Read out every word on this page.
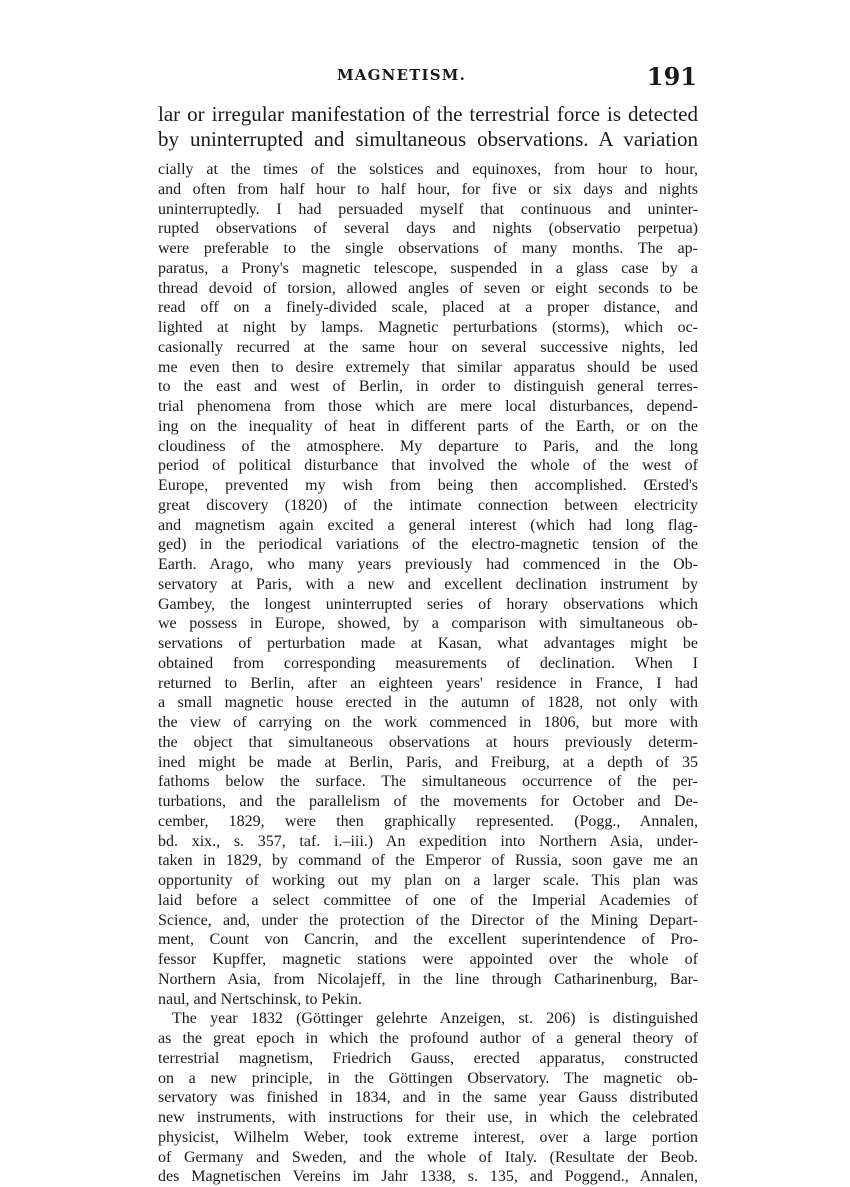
MAGNETISM.	191
lar or irregular manifestation of the terrestrial force is detected
by uninterrupted and simultaneous observations. A variation
cially at the times of the solstices and equinoxes, from hour to hour,
and often from half hour to half hour, for five or six days and nights
uninterruptedly. I had persuaded myself that continuous and uninter-
rupted observations of several days and nights (observatio perpetua)
were preferable to the single observations of many months. The ap-
paratus, a Prony's magnetic telescope, suspended in a glass case by a
thread devoid of torsion, allowed angles of seven or eight seconds to be
read off on a finely-divided scale, placed at a proper distance, and
lighted at night by lamps. Magnetic perturbations (storms), which oc-
casionally recurred at the same hour on several successive nights, led
me even then to desire extremely that similar apparatus should be used
to the east and west of Berlin, in order to distinguish general terres-
trial phenomena from those which are mere local disturbances, depend-
ing on the inequality of heat in different parts of the Earth, or on the
cloudiness of the atmosphere. My departure to Paris, and the long
period of political disturbance that involved the whole of the west of
Europe, prevented my wish from being then accomplished. Œrsted's
great discovery (1820) of the intimate connection between electricity
and magnetism again excited a general interest (which had long flag-
ged) in the periodical variations of the electro-magnetic tension of the
Earth. Arago, who many years previously had commenced in the Ob-
servatory at Paris, with a new and excellent declination instrument by
Gambey, the longest uninterrupted series of horary observations which
we possess in Europe, showed, by a comparison with simultaneous ob-
servations of perturbation made at Kasan, what advantages might be
obtained from corresponding measurements of declination. When I
returned to Berlin, after an eighteen years' residence in France, I had
a small magnetic house erected in the autumn of 1828, not only with
the view of carrying on the work commenced in 1806, but more with
the object that simultaneous observations at hours previously determ-
ined might be made at Berlin, Paris, and Freiburg, at a depth of 35
fathoms below the surface. The simultaneous occurrence of the per-
turbations, and the parallelism of the movements for October and De-
cember, 1829, were then graphically represented. (Pogg., Annalen,
bd. xix., s. 357, taf. i.–iii.) An expedition into Northern Asia, under-
taken in 1829, by command of the Emperor of Russia, soon gave me an
opportunity of working out my plan on a larger scale. This plan was
laid before a select committee of one of the Imperial Academies of
Science, and, under the protection of the Director of the Mining Depart-
ment, Count von Cancrin, and the excellent superintendence of Pro-
fessor Kupffer, magnetic stations were appointed over the whole of
Northern Asia, from Nicolajeff, in the line through Catharinenburg, Bar-
naul, and Nertschinsk, to Pekin.
The year 1832 (Göttinger gelehrte Anzeigen, st. 206) is distinguished
as the great epoch in which the profound author of a general theory of
terrestrial magnetism, Friedrich Gauss, erected apparatus, constructed
on a new principle, in the Göttingen Observatory. The magnetic ob-
servatory was finished in 1834, and in the same year Gauss distributed
new instruments, with instructions for their use, in which the celebrated
physicist, Wilhelm Weber, took extreme interest, over a large portion
of Germany and Sweden, and the whole of Italy. (Resultate der Beob.
des Magnetischen Vereins im Jahr 1338, s. 135, and Poggend., Annalen,
